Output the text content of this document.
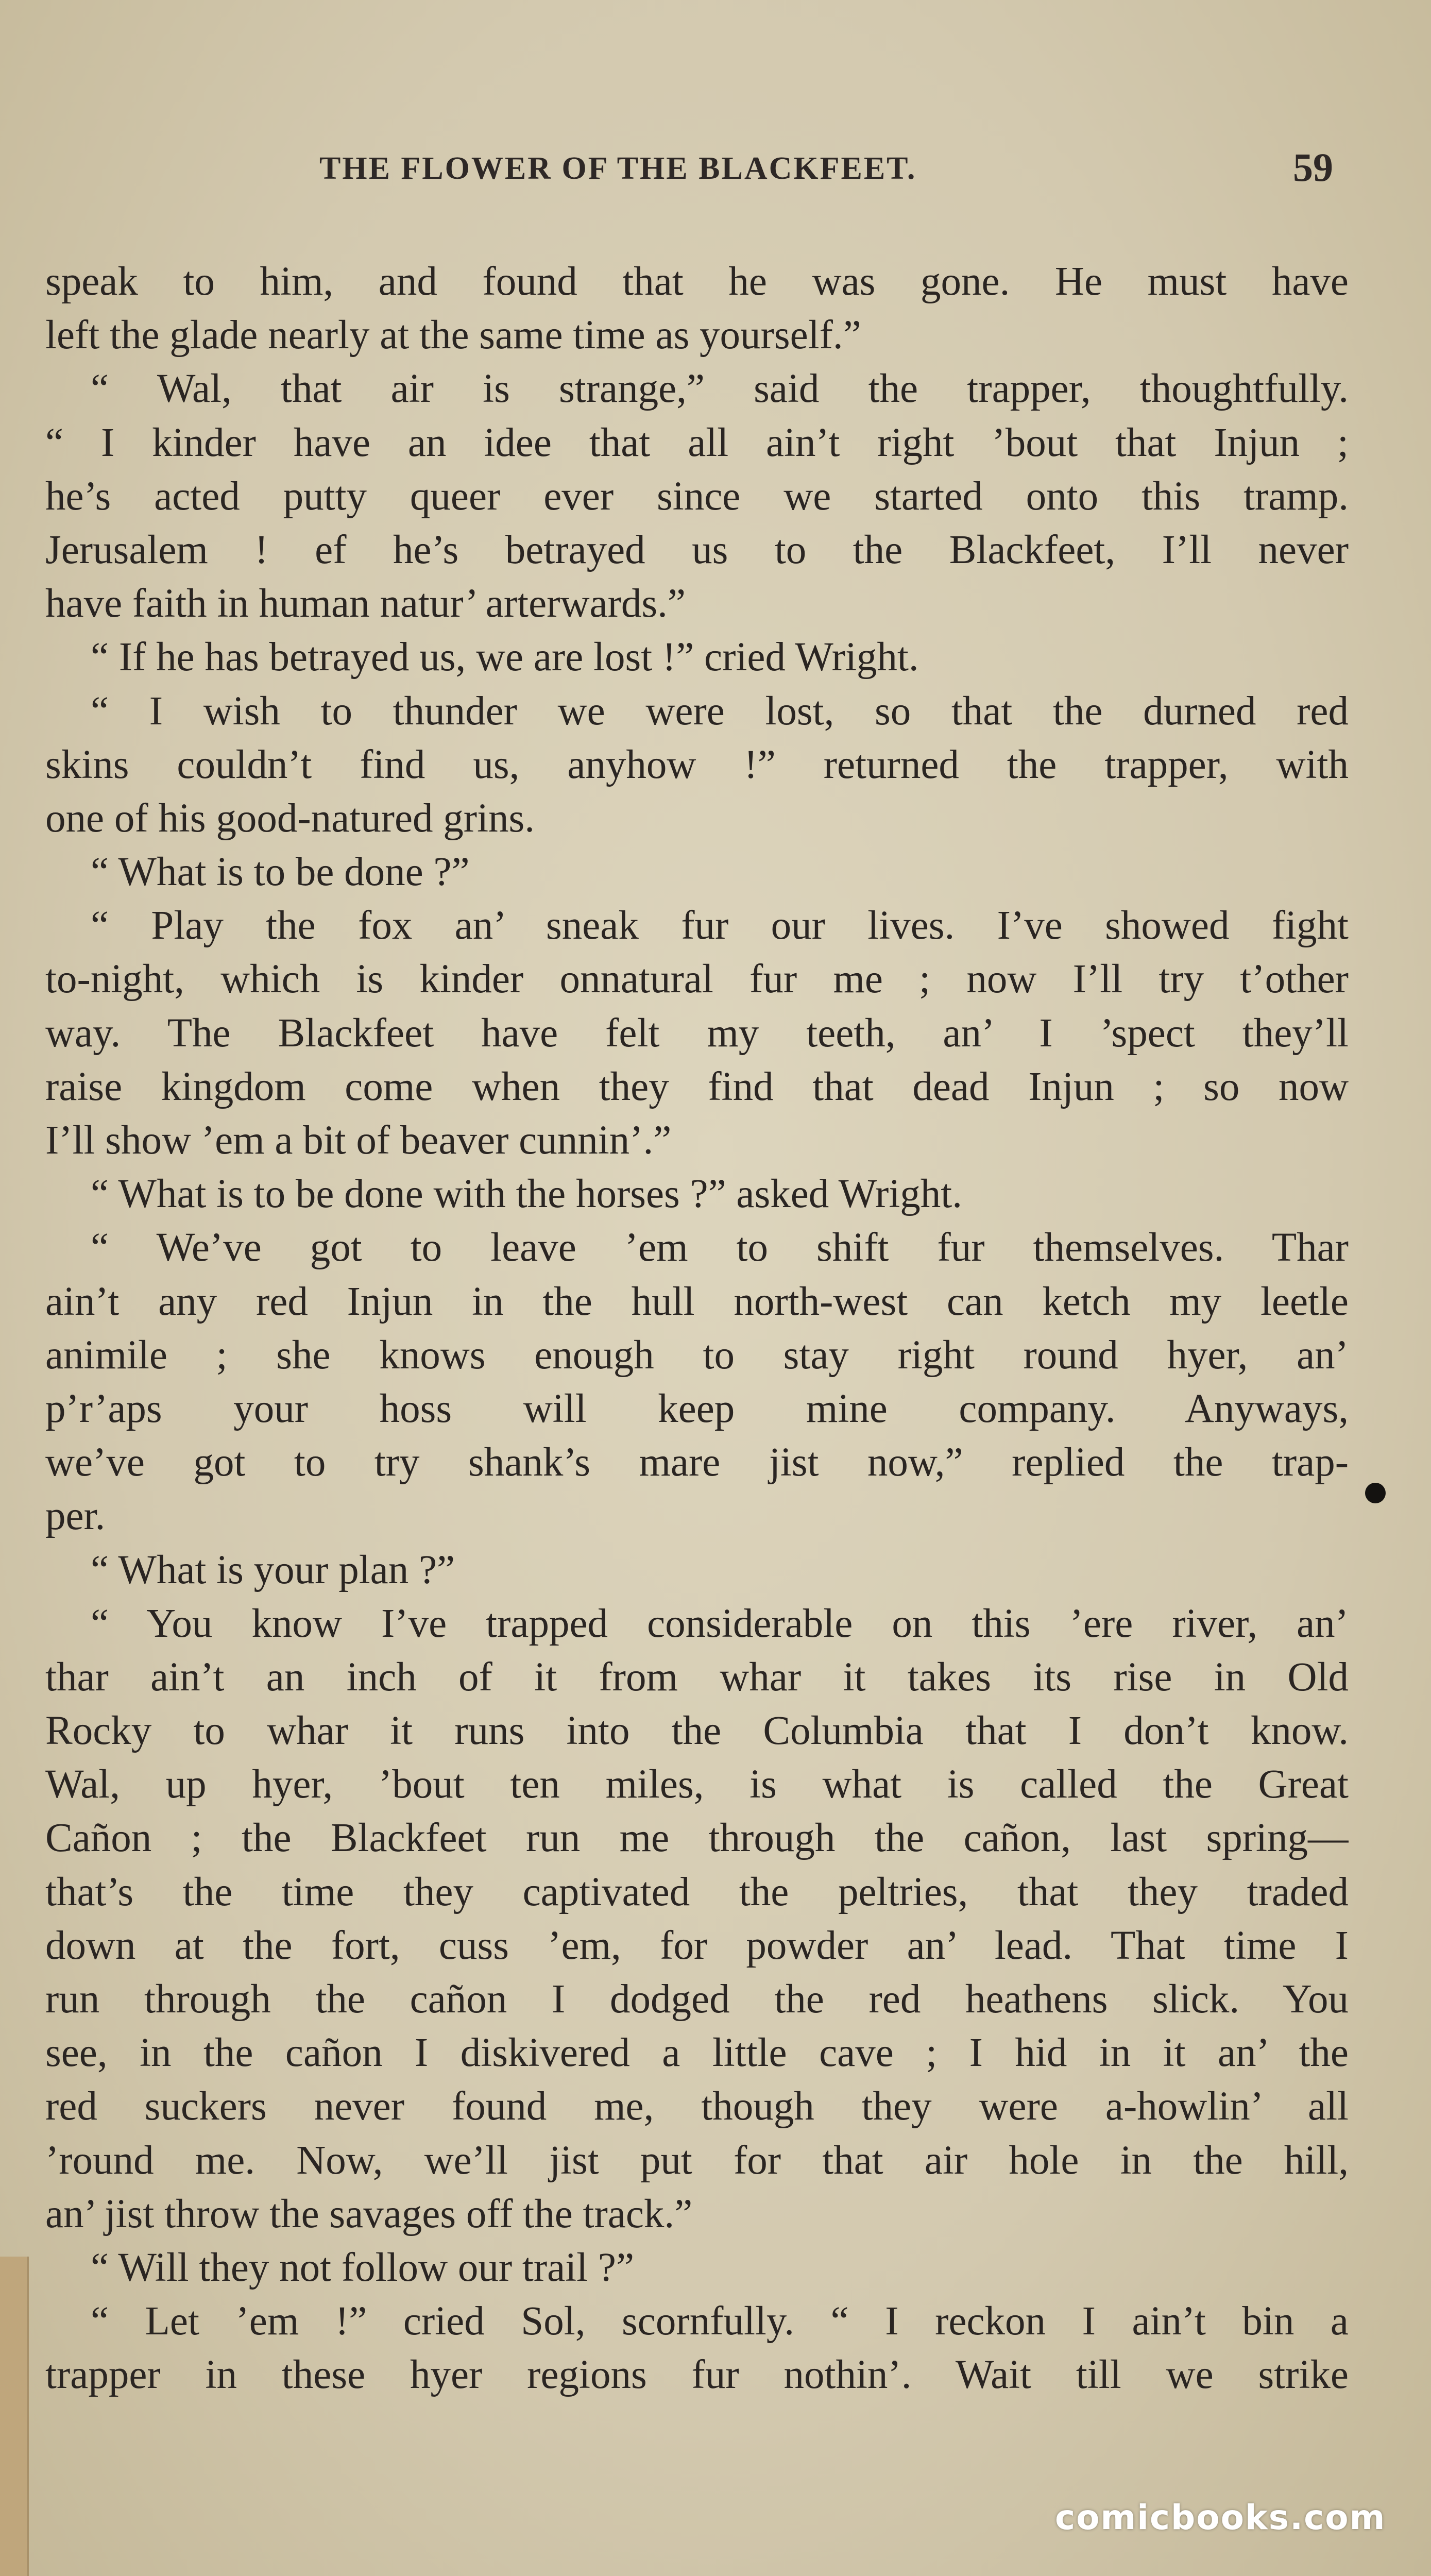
THE FLOWER OF THE BLACKFEET.	59
speak to him, and found that he was gone. He must have
left the glade nearly at the same time as yourself.”
“ Wal, that air is strange,” said the trapper, thoughtfully.
“ I kinder have an idee that all ain’t right ’bout that Injun ;
he’s acted putty queer ever since we started onto this tramp.
Jerusalem ! ef he’s betrayed us to the Blackfeet, I’ll never
have faith in human natur’ arterwards.”
“ If he has betrayed us, we are lost !” cried Wright.
“ I wish to thunder we were lost, so that the durned red
skins couldn’t find us, anyhow !” returned the trapper, with
one of his good-natured grins.
“ What is to be done ?”
“ Play the fox an’ sneak fur our lives. I’ve showed fight
to-night, which is kinder onnatural fur me ; now I’ll try t’other
way. The Blackfeet have felt my teeth, an’ I ’spect they’ll
raise kingdom come when they find that dead Injun ; so now
I’ll show ’em a bit of beaver cunnin’.”
“ What is to be done with the horses ?” asked Wright.
“ We’ve got to leave ’em to shift fur themselves. Thar
ain’t any red Injun in the hull north-west can ketch my leetle
animile ; she knows enough to stay right round hyer, an’
p’r’aps your hoss will keep mine company. Anyways,
we’ve got to try shank’s mare jist now,” replied the trap-
per.
“ What is your plan ?”
“ You know I’ve trapped considerable on this ’ere river, an’
thar ain’t an inch of it from whar it takes its rise in Old
Rocky to whar it runs into the Columbia that I don’t know.
Wal, up hyer, ’bout ten miles, is what is called the Great
Cañon ; the Blackfeet run me through the cañon, last spring—
that’s the time they captivated the peltries, that they traded
down at the fort, cuss ’em, for powder an’ lead. That time I
run through the cañon I dodged the red heathens slick. You
see, in the cañon I diskivered a little cave ; I hid in it an’ the
red suckers never found me, though they were a-howlin’ all
’round me. Now, we’ll jist put for that air hole in the hill,
an’ jist throw the savages off the track.”
“ Will they not follow our trail ?”
“ Let ’em !” cried Sol, scornfully. “ I reckon I ain’t bin a
trapper in these hyer regions fur nothin’. Wait till we strike
comicbooks.com
